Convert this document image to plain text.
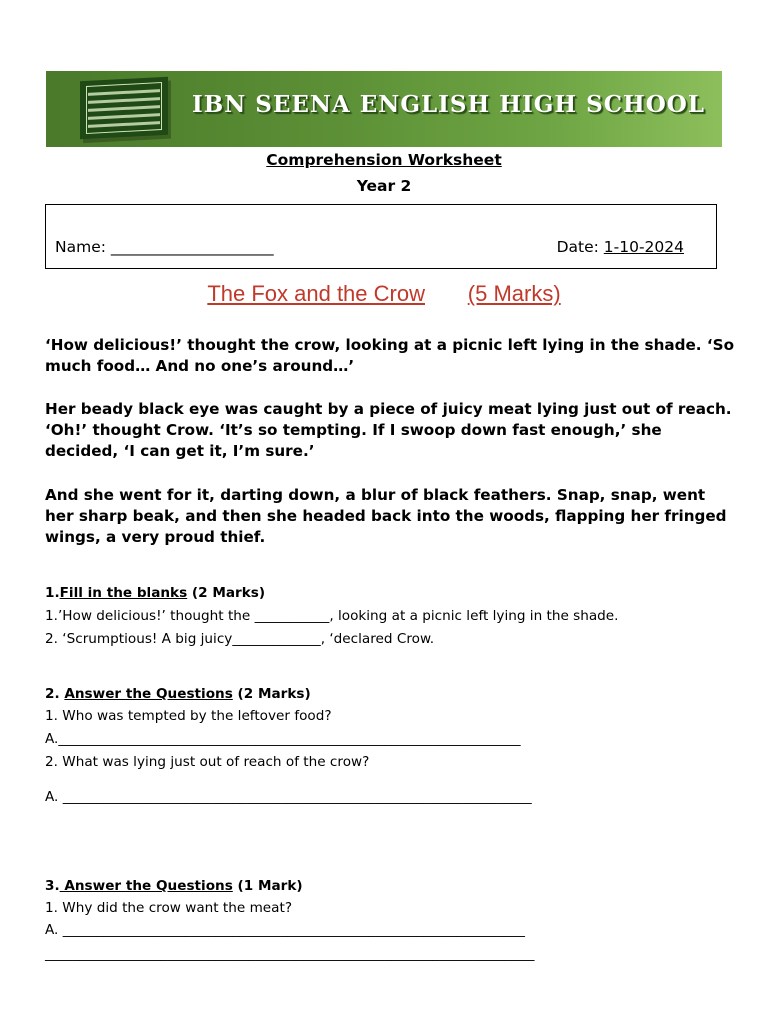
IBN SEENA ENGLISH HIGH SCHOOL
Comprehension Worksheet
Year 2
Name: _____________________	Date: 1-10-2024
The Fox and the Crow (5 Marks)
‘How delicious!’ thought the crow, looking at a picnic left lying in the shade. ‘So much food… And no one’s around…’
Her beady black eye was caught by a piece of juicy meat lying just out of reach. ‘Oh!’ thought Crow. ‘It’s so tempting. If I swoop down fast enough,’ she decided, ‘I can get it, I’m sure.’
And she went for it, darting down, a blur of black feathers. Snap, snap, went her sharp beak, and then she headed back into the woods, flapping her fringed wings, a very proud thief.
1.Fill in the blanks (2 Marks)
1.’How delicious!’ thought the ___________, looking at a picnic left lying in the shade.
2. ‘Scrumptious! A big juicy_____________, ‘declared Crow.
2. Answer the Questions (2 Marks)
1. Who was tempted by the leftover food?
A.____________________________________________________________________
2. What was lying just out of reach of the crow?
A. _____________________________________________________________________
3. Answer the Questions (1 Mark)
1. Why did the crow want the meat?
A. ____________________________________________________________________
________________________________________________________________________
